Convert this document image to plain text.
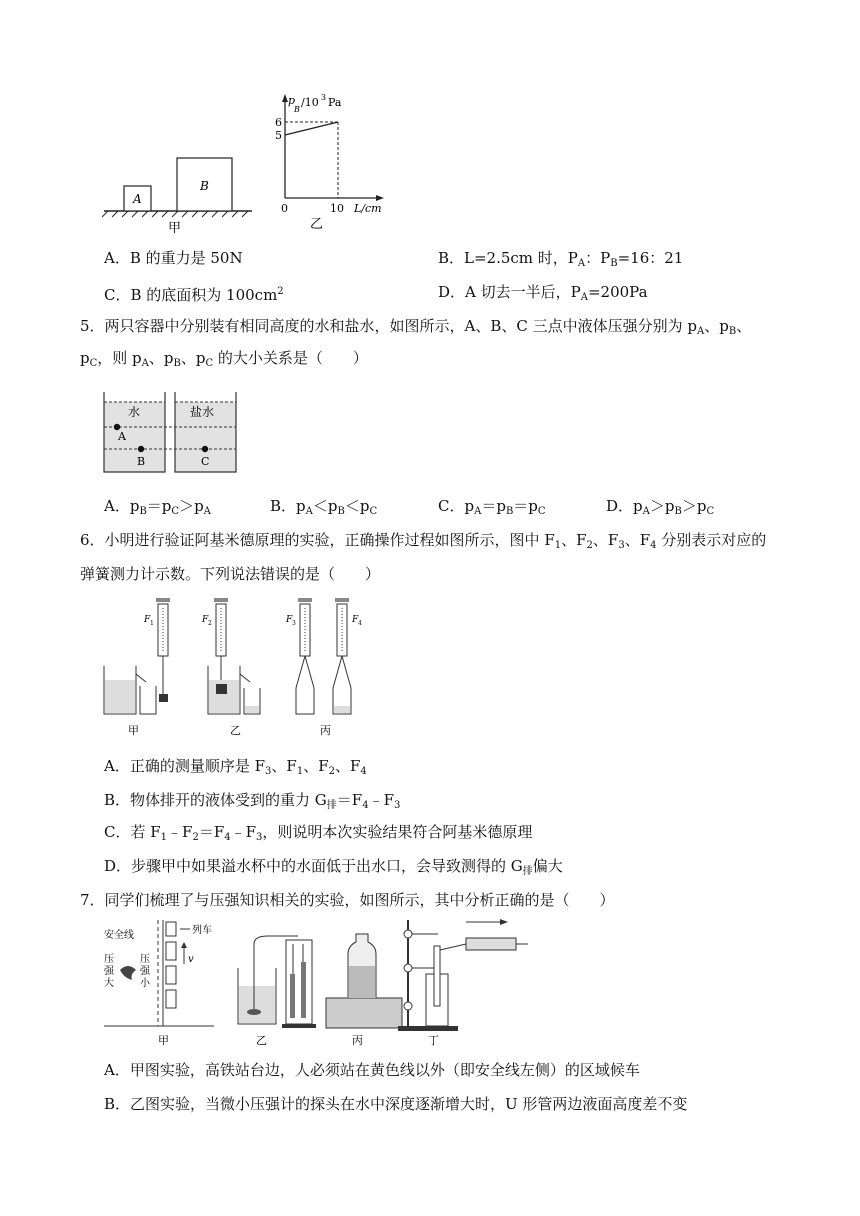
A
B
甲
p
B
/10 3 Pa
6
5
0	10 L/cm
乙
A．B 的重力是 50N	B．L=2.5cm 时，$P_A$：$P_B=16$：21
C．B 的底面积为 $100cm^2$	D．A 切去一半后，$P_A=200Pa$
5．两只容器中分别装有相同高度的水和盐水，如图所示，A、B、C 三点中液体压强分别为 $p_A$、$p_B$、
$p_C$，则 $p_A$、$p_B$、$p_C$ 的大小关系是（　　）
水	盐水
A
B	C
A．$p_B=p_C>p_A$	B．$p_A<p_B<p_C$	C．$p_A=p_B=p_C$	D．$p_A>p_B>p_C$
6．小明进行验证阿基米德原理的实验，正确操作过程如图所示，图中 $F_1$、$F_2$、$F_3$、$F_4$ 分别表示对应的
弹簧测力计示数。下列说法错误的是（　　）
F 1
甲
F 2
乙
F 3	F 4
丙
A．正确的测量顺序是 $F_3$、$F_1$、$F_2$、$F_4$
B．物体排开的液体受到的重力 $G_排=F_4﹣F_3$
C．若 $F_1﹣F_2=F_4﹣F_3$，则说明本次实验结果符合阿基米德原理
D．步骤甲中如果溢水杯中的水面低于出水口，会导致测得的 $G_排$偏大
7．同学们梳理了与压强知识相关的实验，如图所示，其中分析正确的是（　　）
安全线	列车
压
强
大
压
强
小
v
甲	乙	丙	丁
A．甲图实验，高铁站台边，人必须站在黄色线以外（即安全线左侧）的区域候车
B．乙图实验，当微小压强计的探头在水中深度逐渐增大时，U 形管两边液面高度差不变
